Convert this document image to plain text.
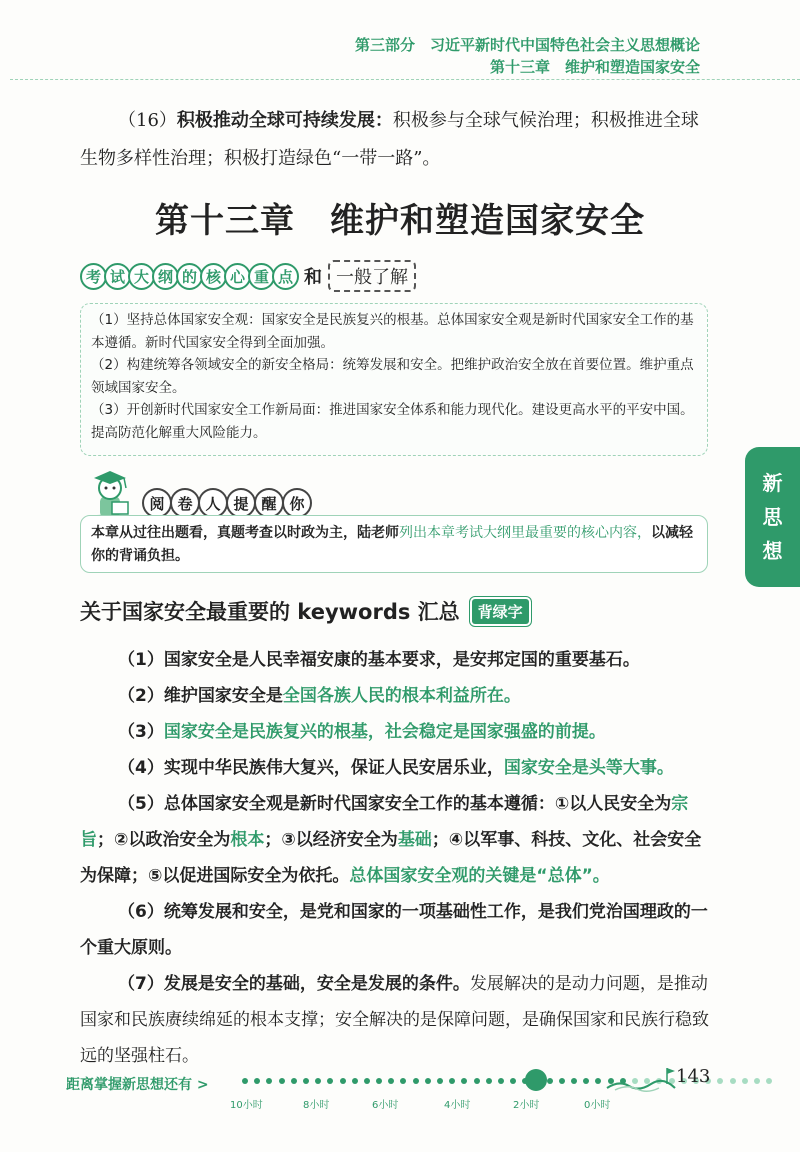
第三部分　习近平新时代中国特色社会主义思想概论
第十三章　维护和塑造国家安全
（16）积极推动全球可持续发展：积极参与全球气候治理；积极推进全球生物多样性治理；积极打造绿色“一带一路”。
第十三章　维护和塑造国家安全
考 试 大 纲 的 核 心 重 点 和 一般了解
（1）坚持总体国家安全观：国家安全是民族复兴的根基。总体国家安全观是新时代国家安全工作的基本遵循。新时代国家安全得到全面加强。
（2）构建统筹各领域安全的新安全格局：统筹发展和安全。把维护政治安全放在首要位置。维护重点领域国家安全。
（3）开创新时代国家安全工作新局面：推进国家安全体系和能力现代化。建设更高水平的平安中国。提高防范化解重大风险能力。
阅 卷 人 提 醒 你
本章从过往出题看，真题考查以时政为主，陆老师列出本章考试大纲里最重要的核心内容，以减轻你的背诵负担。
新
思
想
关于国家安全最重要的 keywords 汇总	背绿字

（1）国家安全是人民幸福安康的基本要求，是安邦定国的重要基石。

（2）维护国家安全是全国各族人民的根本利益所在。

（3）国家安全是民族复兴的根基，社会稳定是国家强盛的前提。

（4）实现中华民族伟大复兴，保证人民安居乐业，国家安全是头等大事。

（5）总体国家安全观是新时代国家安全工作的基本遵循：①以人民安全为宗旨；②以政治安全为根本；③以经济安全为基础；④以军事、科技、文化、社会安全为保障；⑤以促进国际安全为依托。总体国家安全观的关键是“总体”。

（6）统筹发展和安全，是党和国家的一项基础性工作，是我们党治国理政的一个重大原则。

（7）发展是安全的基础，安全是发展的条件。发展解决的是动力问题，是推动国家和民族赓续绵延的根本支撑；安全解决的是保障问题，是确保国家和民族行稳致远的坚强柱石。

距离掌握新思想还有 >	143
10小时	8小时	6小时	4小时	2小时	0小时
